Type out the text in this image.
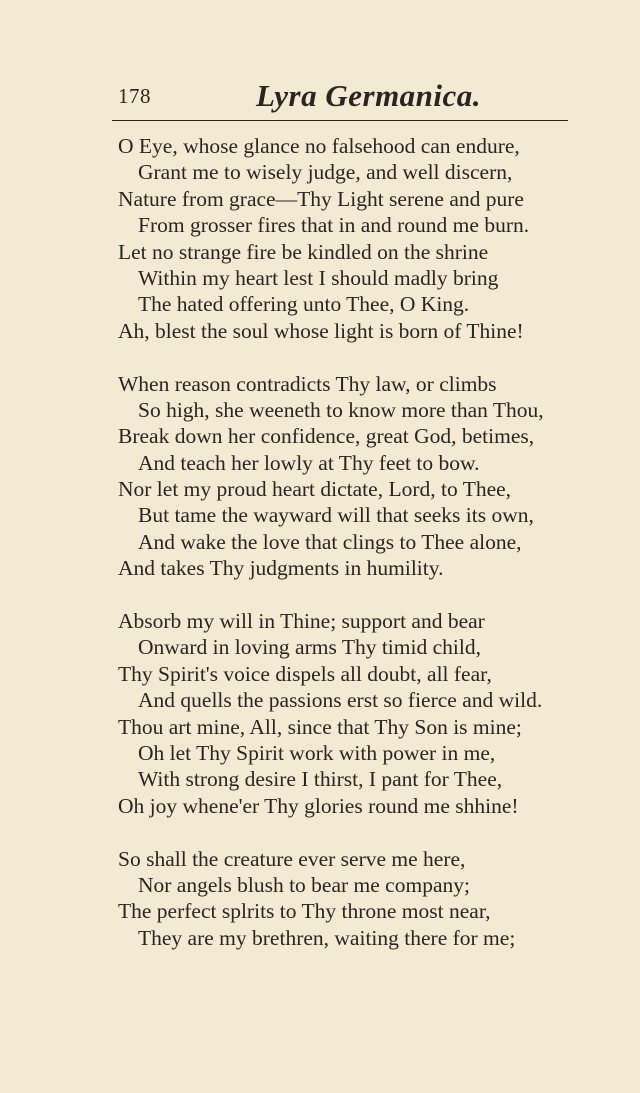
178	Lyra Germanica.
O Eye, whose glance no falsehood can endure,
Grant me to wisely judge, and well discern,
Nature from grace—Thy Light serene and pure
From grosser fires that in and round me burn.
Let no strange fire be kindled on the shrine
Within my heart lest I should madly bring
The hated offering unto Thee, O King.
Ah, blest the soul whose light is born of Thine!
When reason contradicts Thy law, or climbs
So high, she weeneth to know more than Thou,
Break down her confidence, great God, betimes,
And teach her lowly at Thy feet to bow.
Nor let my proud heart dictate, Lord, to Thee,
But tame the wayward will that seeks its own,
And wake the love that clings to Thee alone,
And takes Thy judgments in humility.
Absorb my will in Thine; support and bear
Onward in loving arms Thy timid child,
Thy Spirit's voice dispels all doubt, all fear,
And quells the passions erst so fierce and wild.
Thou art mine, All, since that Thy Son is mine;
Oh let Thy Spirit work with power in me,
With strong desire I thirst, I pant for Thee,
Oh joy whene'er Thy glories round me shhine!
So shall the creature ever serve me here,
Nor angels blush to bear me company;
The perfect splrits to Thy throne most near,
They are my brethren, waiting there for me;
